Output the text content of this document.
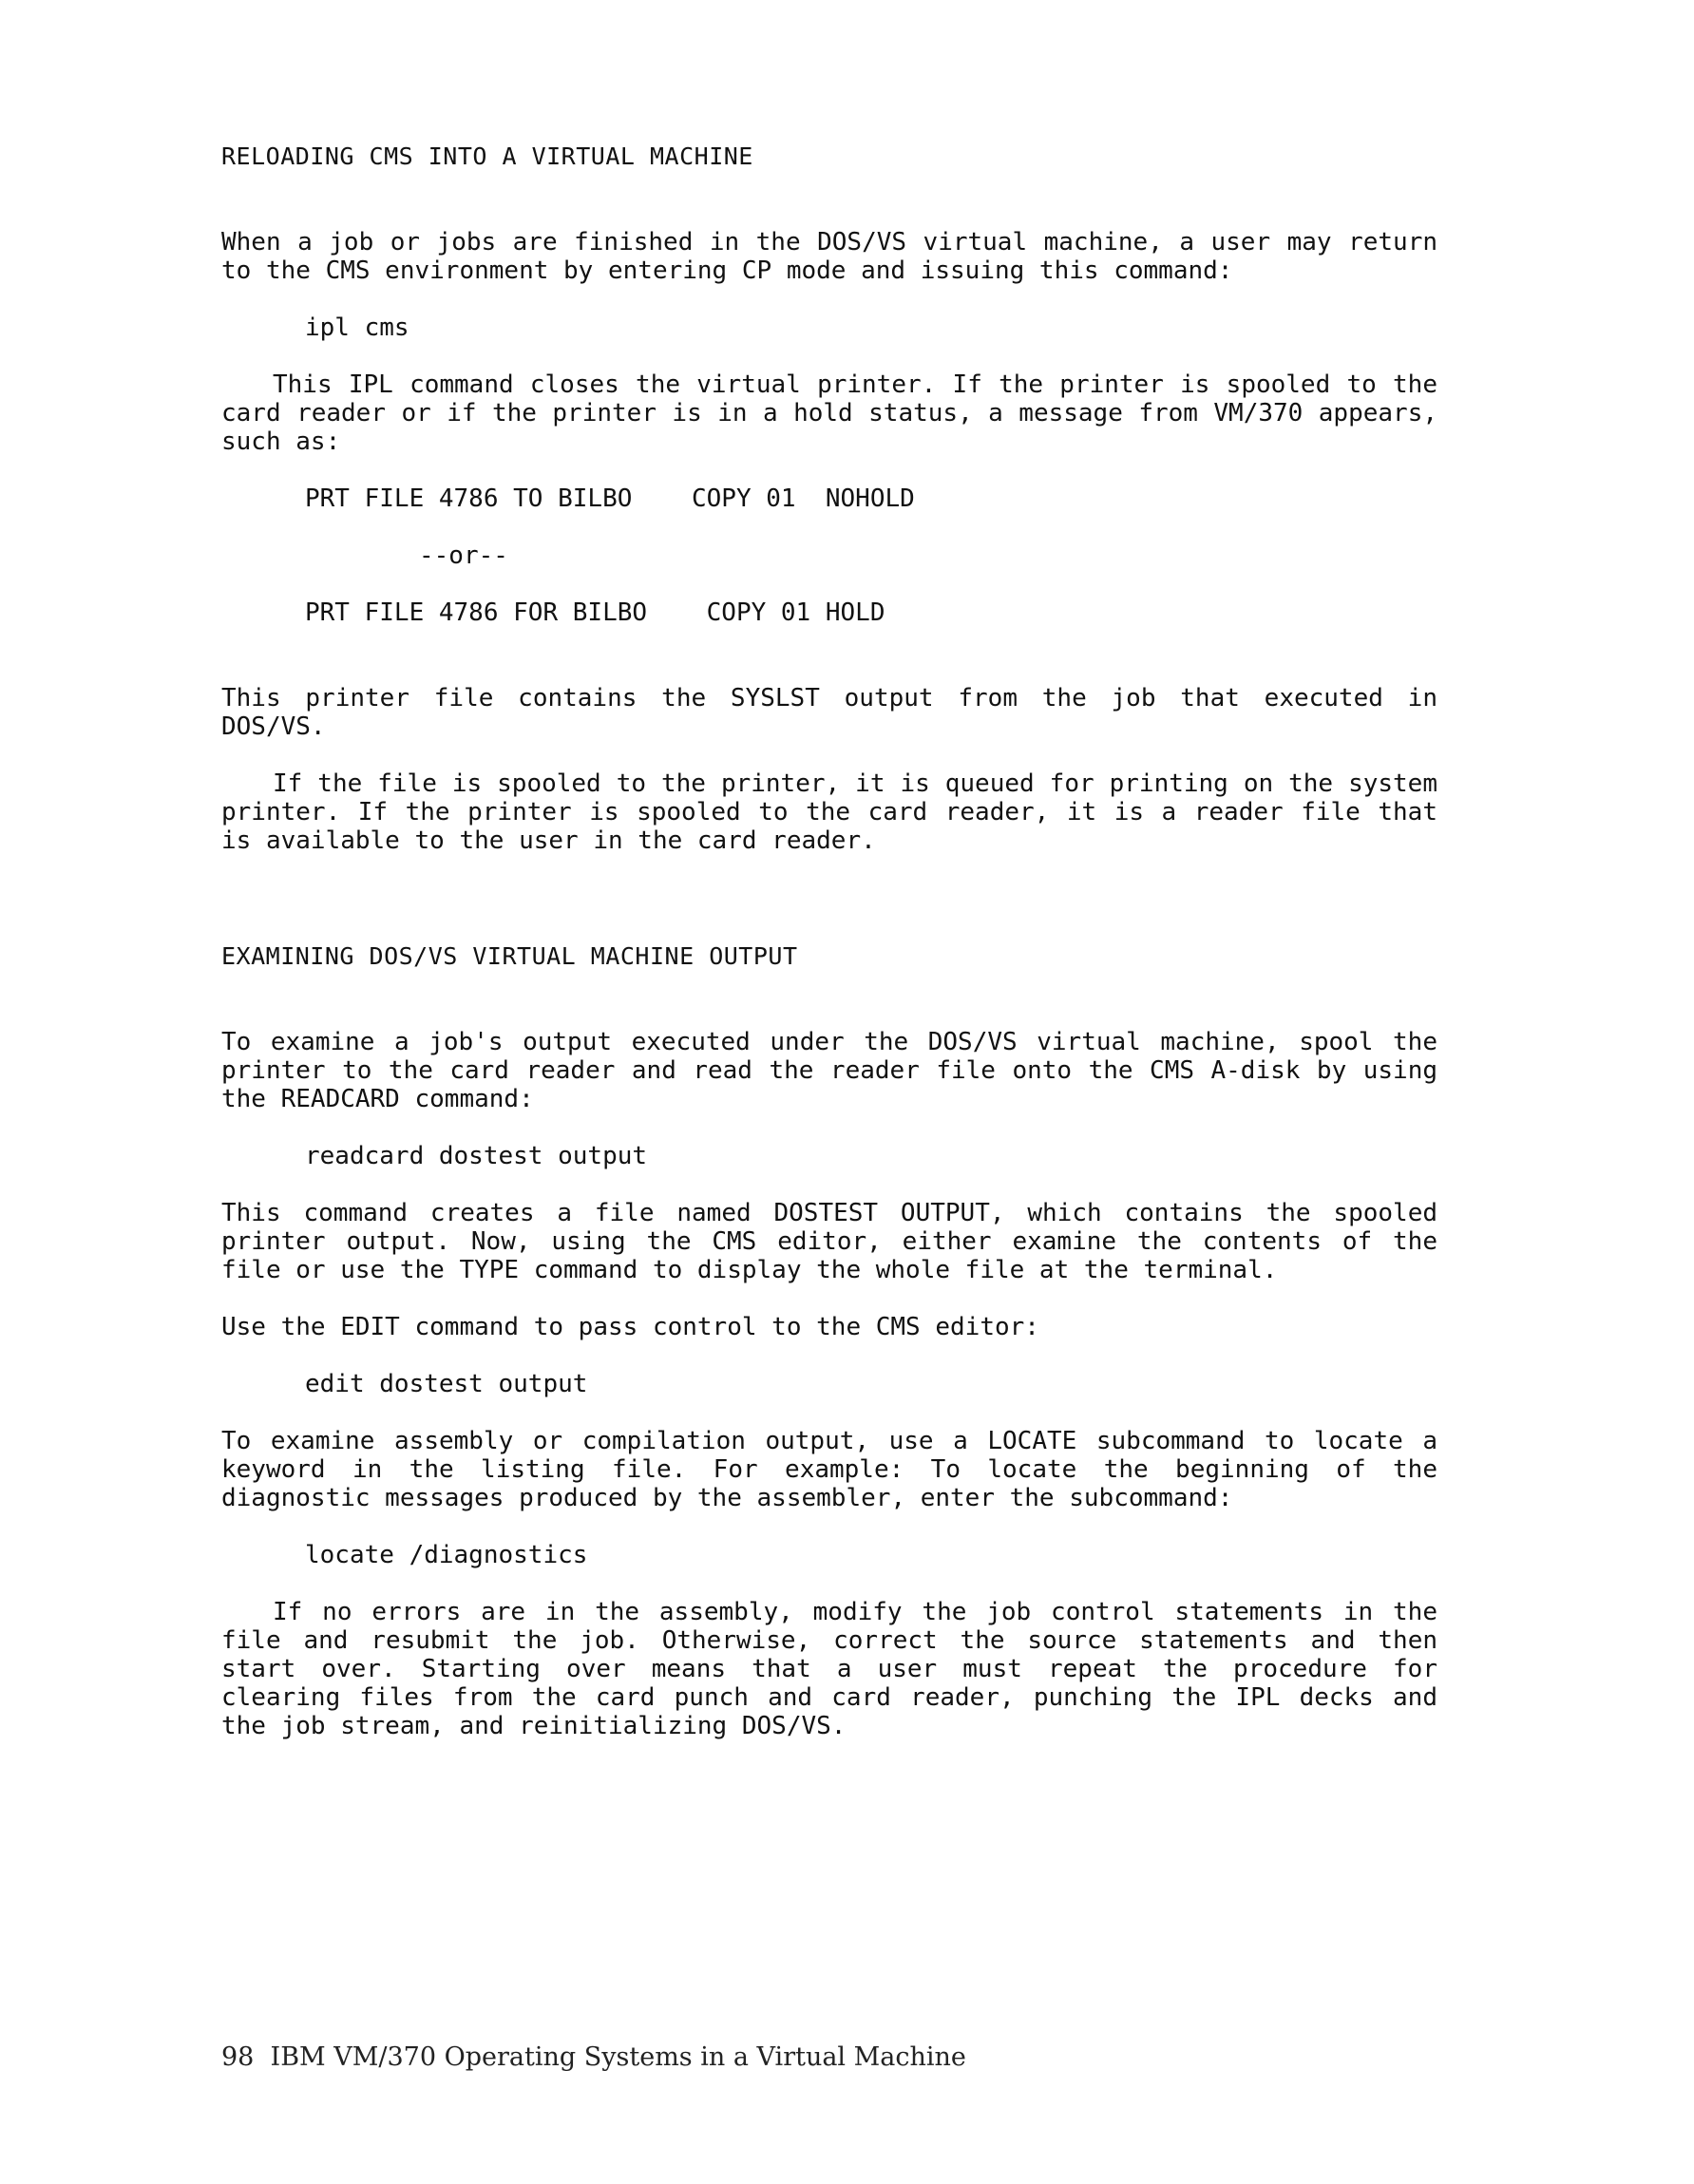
RELOADING CMS INTO A VIRTUAL MACHINE

When a job or jobs are finished in the DOS/VS virtual machine, a user may return to the CMS environment by entering CP mode and issuing this command:

ipl cms

This IPL command closes the virtual printer. If the printer is spooled to the card reader or if the printer is in a hold status, a message from VM/370 appears, such as:

PRT FILE 4786 TO BILBO    COPY 01  NOHOLD

--or--

PRT FILE 4786 FOR BILBO    COPY 01 HOLD

This printer file contains the SYSLST output from the job that executed in DOS/VS.

If the file is spooled to the printer, it is queued for printing on the system printer. If the printer is spooled to the card reader, it is a reader file that is available to the user in the card reader.

EXAMINING DOS/VS VIRTUAL MACHINE OUTPUT

To examine a job's output executed under the DOS/VS virtual machine, spool the printer to the card reader and read the reader file onto the CMS A-disk by using the READCARD command:

readcard dostest output

This command creates a file named DOSTEST OUTPUT, which contains the spooled printer output. Now, using the CMS editor, either examine the contents of the file or use the TYPE command to display the whole file at the terminal.

Use the EDIT command to pass control to the CMS editor:

edit dostest output

To examine assembly or compilation output, use a LOCATE subcommand to locate a keyword in the listing file. For example: To locate the beginning of the diagnostic messages produced by the assembler, enter the subcommand:

locate /diagnostics

If no errors are in the assembly, modify the job control statements in the file and resubmit the job. Otherwise, correct the source statements and then start over. Starting over means that a user must repeat the procedure for clearing files from the card punch and card reader, punching the IPL decks and the job stream, and reinitializing DOS/VS.

98 IBM VM/370 Operating Systems in a Virtual Machine
